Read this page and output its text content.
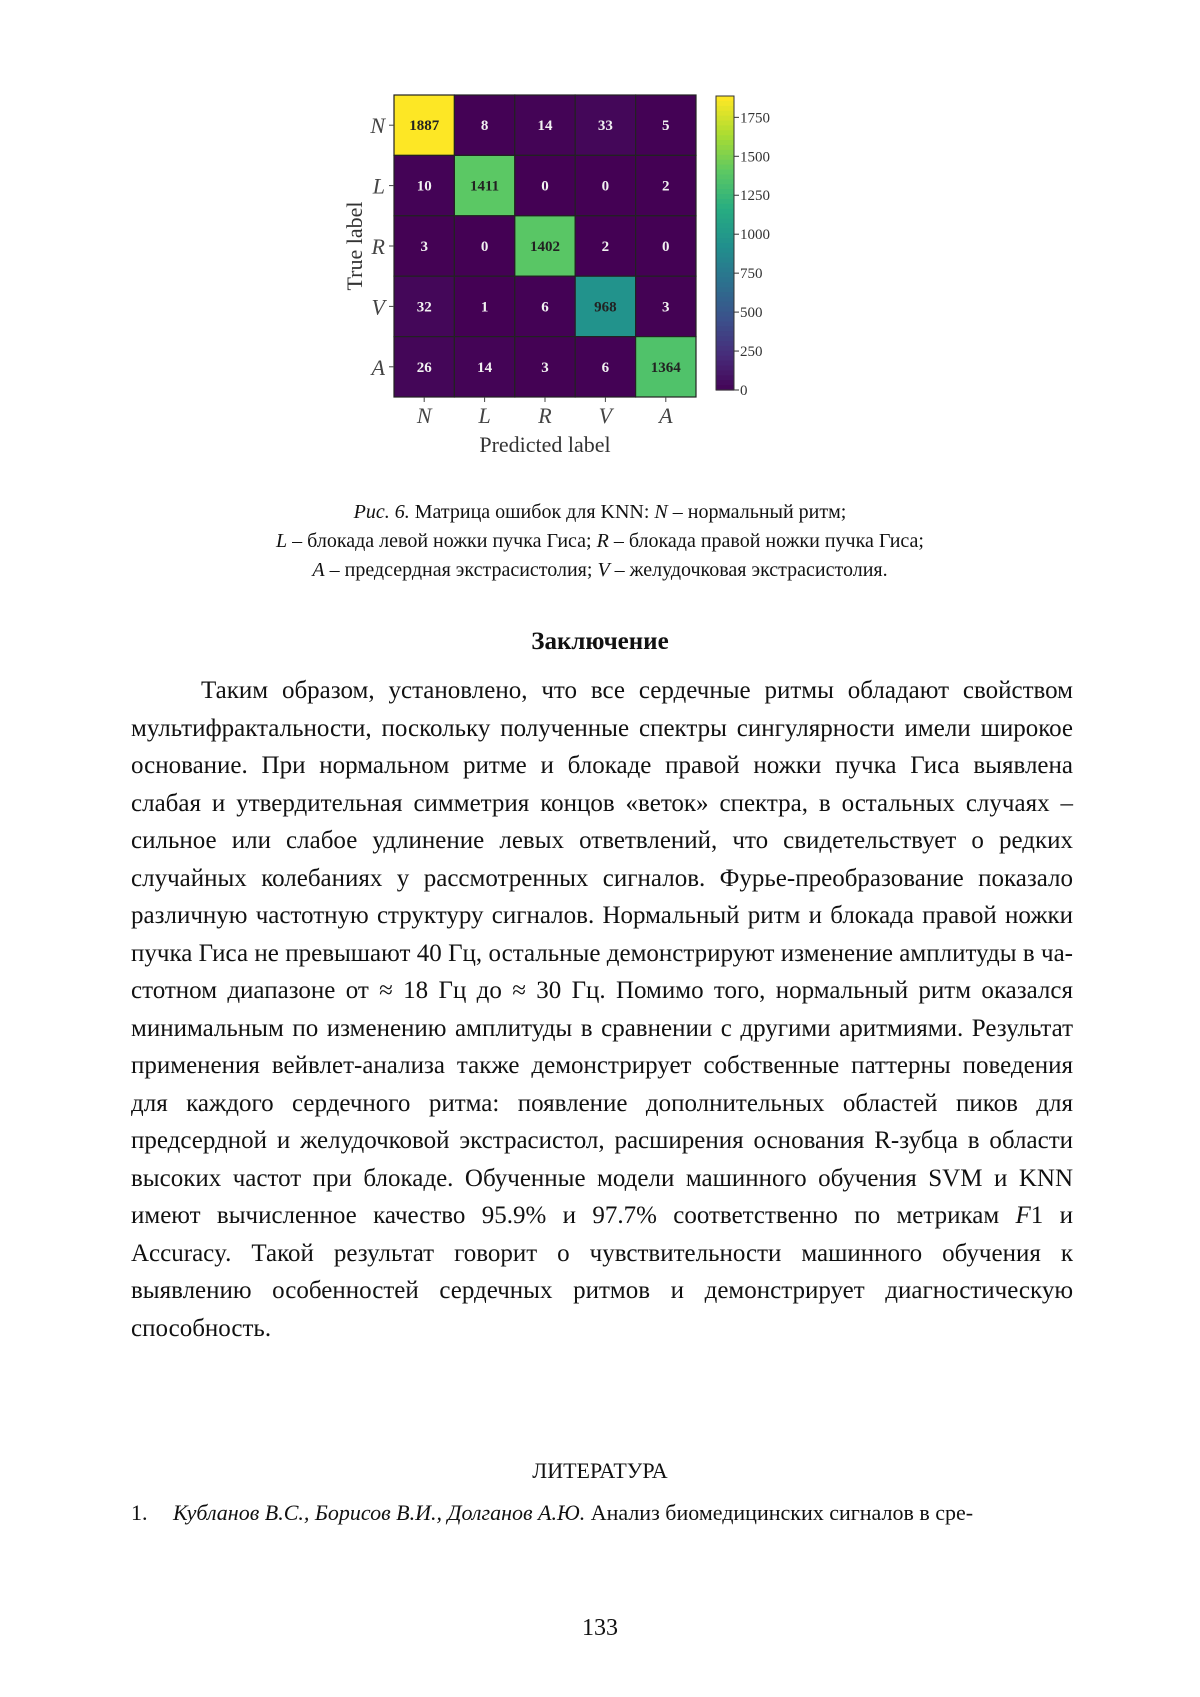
1887	8	14	33	5
10	1411	0	0	2
3	0	1402	2	0
32	1	6	968	3
26	14	3	6	1364
N
L
R
V
A
N L R V A
Predicted label
True label
0
250
500
750
1000
1250
1500
1750
Рис. 6. Матрица ошибок для KNN: N – нормальный ритм;
L – блокада левой ножки пучка Гиса; R – блокада правой ножки пучка Гиса;
A – предсердная экстрасистолия; V – желудочковая экстрасистолия.
Заключение

Таким образом, установлено, что все сердечные ритмы обладают свойством мультифрактальности, поскольку полученные спектры сингулярности имели широкое основание. При нормальном ритме и блокаде правой ножки пучка Гиса выявлена слабая и утвердительная симметрия концов «веток» спектра, в остальных случаях – сильное или слабое удлинение левых ответвлений, что свидетельствует о редких случайных колебаниях у рассмотренных сигналов. Фурье-преобразование показало различную частотную структуру сигналов. Нормальный ритм и блокада правой ножки пучка Гиса не превышают 40 Гц, остальные демонстрируют изменение амплитуды в частотном диапазоне от ≈ 18 Гц до ≈ 30 Гц. Помимо того, нормальный ритм оказался минимальным по изменению амплитуды в сравнении с другими аритмиями. Результат применения вейвлет-анализа также демонстрирует собственные паттерны поведения для каждого сердечного ритма: появление дополнительных областей пиков для предсердной и желудочковой экстрасистол, расширения основания R-зубца в области высоких частот при блокаде. Обученные модели машинного обучения SVM и KNN имеют вычисленное качество 95.9% и 97.7% соответственно по метрикам F1 и Accuracy. Такой результат говорит о чувствительности машинного обучения к выявлению особенностей сердечных ритмов и демонстрирует диагностическую способность.

ЛИТЕРАТУРА
1. Кубланов В.С., Борисов В.И., Долганов А.Ю. Анализ биомедицинских сигналов в сре-
133
